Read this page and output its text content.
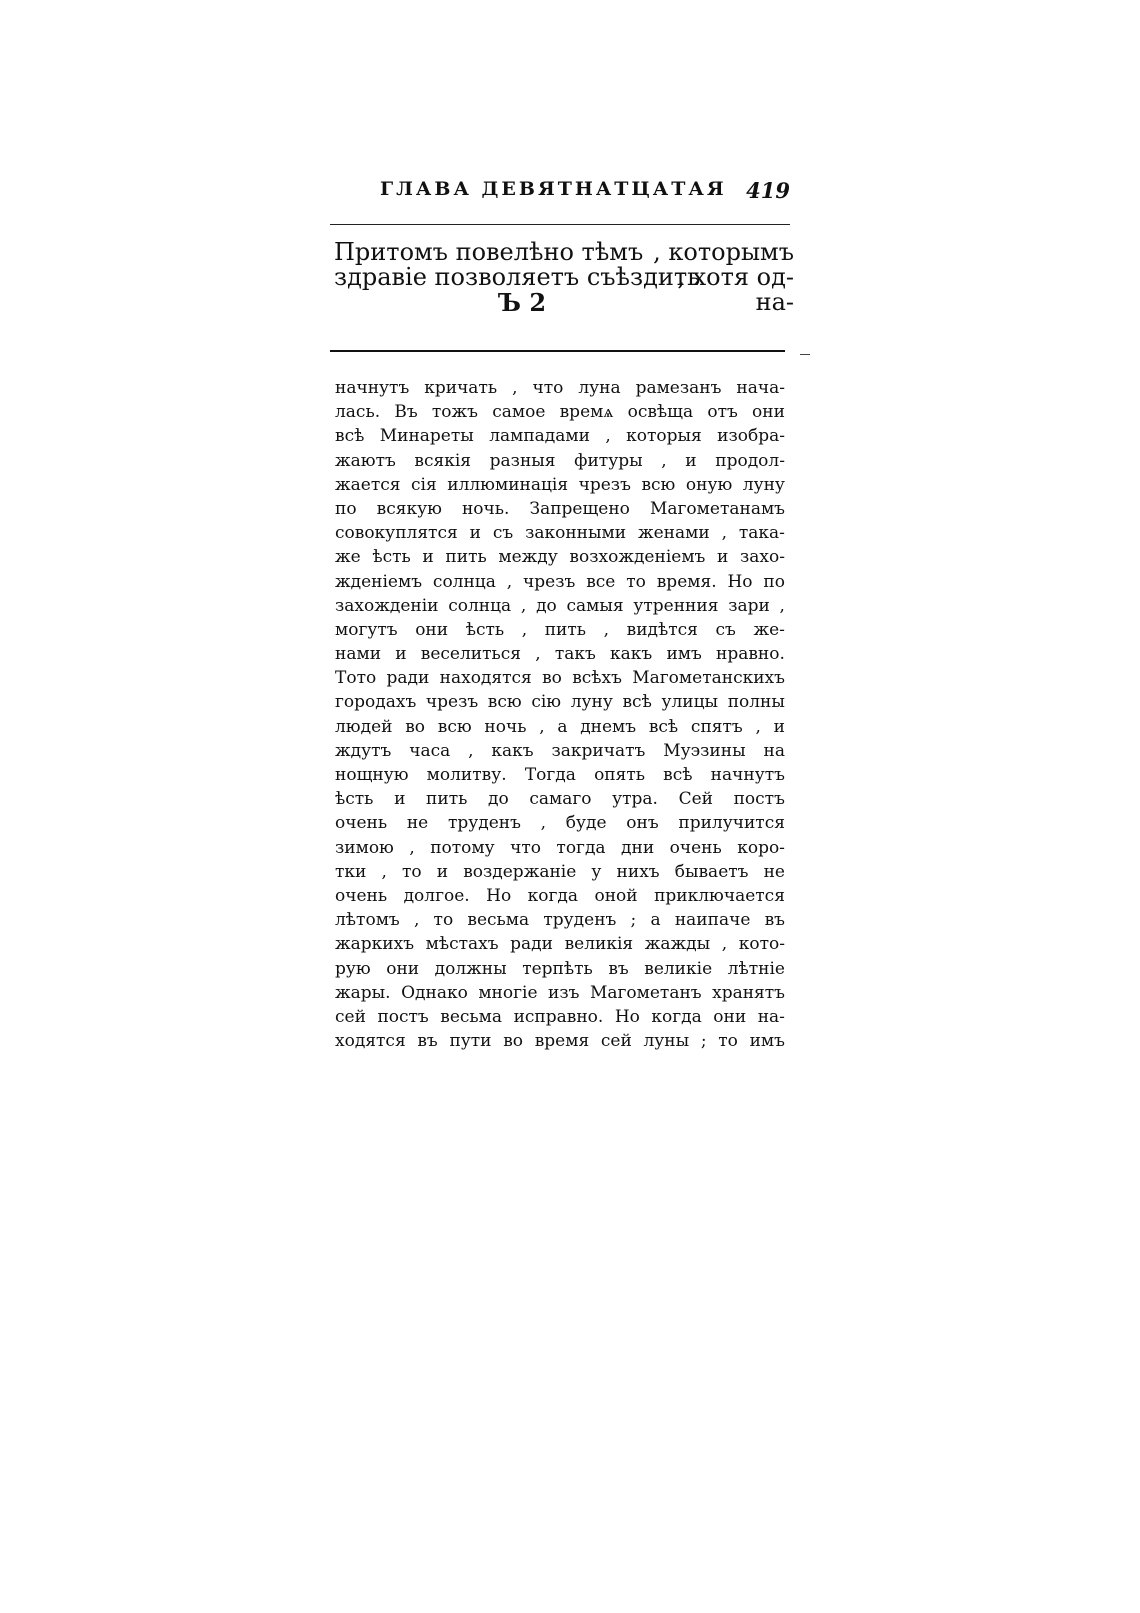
ГЛАВА ДЕВЯТНАТЦАТАЯ 419
Притомъ повелѣно тѣмъ , которымъ
здравіе позволяетъ съѣздить
, хотя од-
Ъ 2	на-
начнутъ кричать , что луна рамезанъ нача-
лась. Въ тожъ самое времѧ освѣща отъ они
всѣ Минареты лампадами , которыя изобра-
жаютъ всякія разныя фитуры , и продол-
жается сія иллюминація чрезъ всю оную луну
по всякую ночь. Запрещено Магометанамъ
совокуплятся и съ законными женами , така-
же ѣсть и пить между возхожденіемъ и захо-
жденіемъ солнца , чрезъ все то время. Но по
захожденіи солнца , до самыя утренния зари ,
могутъ они ѣсть , пить , видѣтся съ же-
нами и веселиться , такъ какъ имъ нравно.
Тото ради находятся во всѣхъ Магометанскихъ
городахъ чрезъ всю сію луну всѣ улицы полны
людей во всю ночь , а днемъ всѣ спятъ , и
ждутъ часа , какъ закричатъ Муэзины на
нощную молитву. Тогда опять всѣ начнутъ
ѣсть и пить до самаго утра. Сей постъ
очень не труденъ , буде онъ прилучится
зимою , потому что тогда дни очень коро-
тки , то и воздержаніе у нихъ бываетъ не
очень долгое. Но когда оной приключается
лѣтомъ , то весьма труденъ ; а наипаче въ
жаркихъ мѣстахъ ради великія жажды , кото-
рую они должны терпѣть въ великіе лѣтніе
жары. Однако многіе изъ Магометанъ хранятъ
сей постъ весьма исправно. Но когда они на-
ходятся въ пути во время сей луны ; то имъ
